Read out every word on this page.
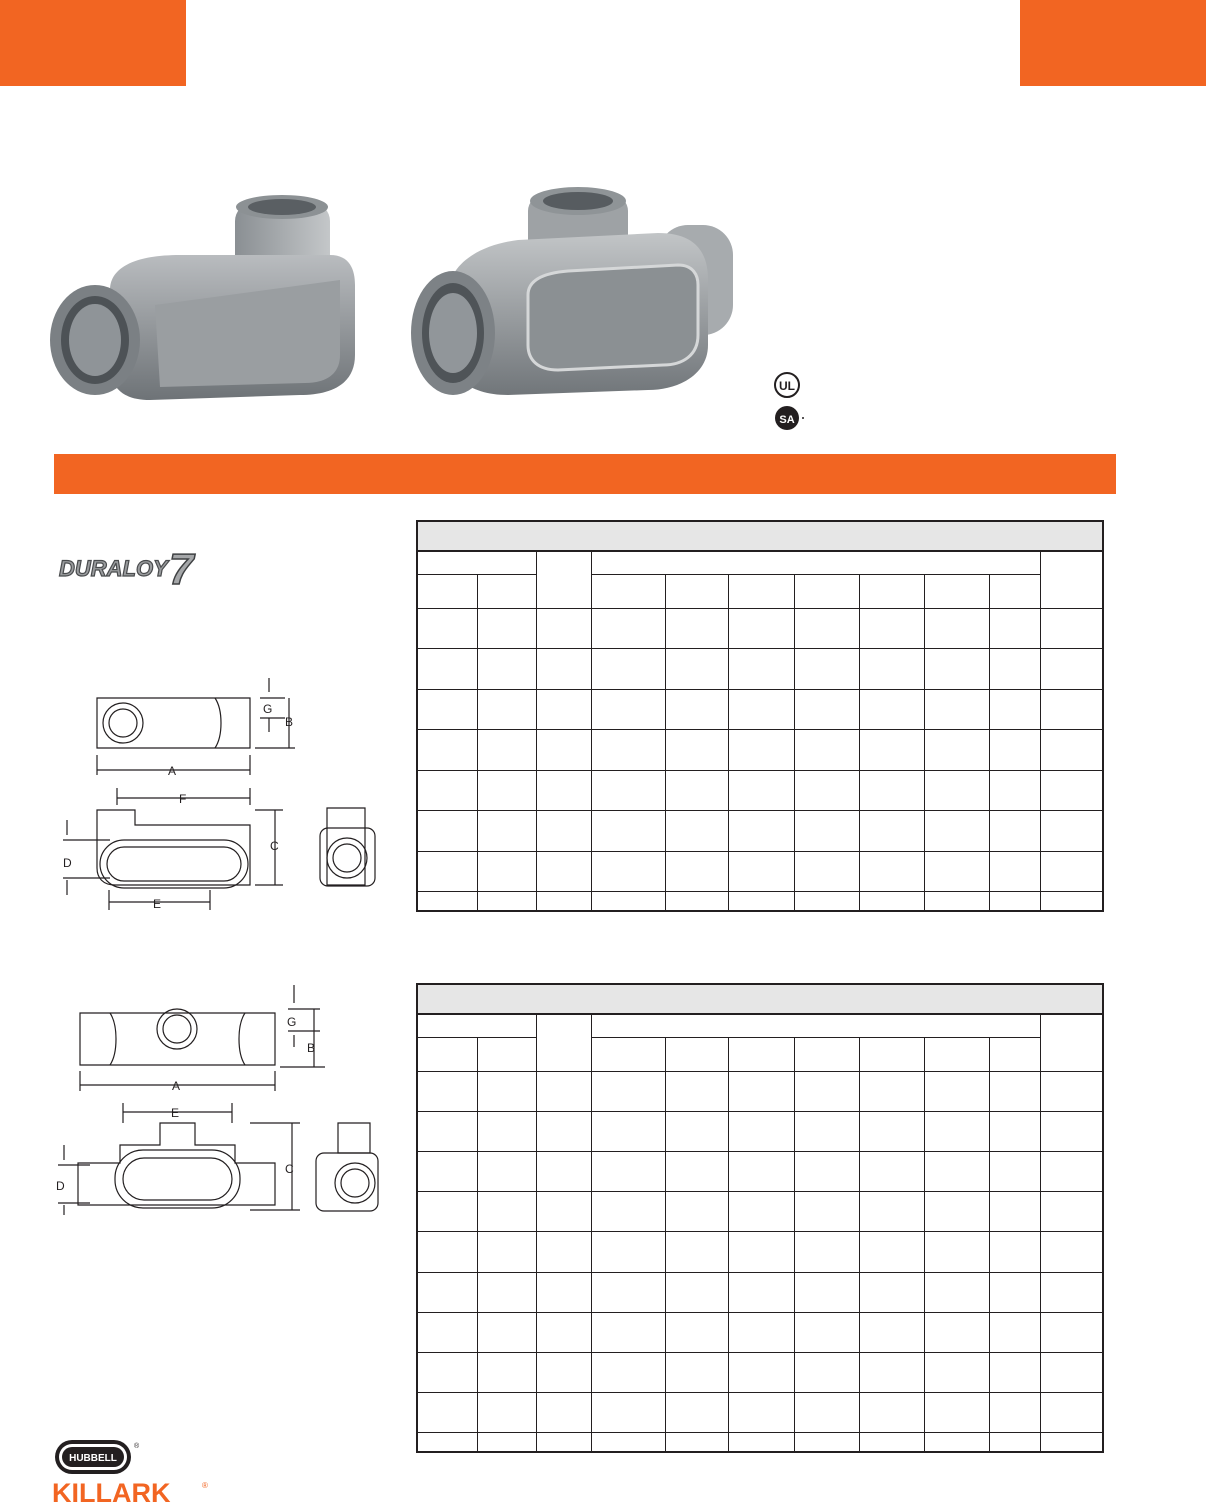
UL
SA
DURALOY 7
G
B
A
F
C
D
E

G
B
A
E
C
D

HUBBELL
®
KILLARK	®
